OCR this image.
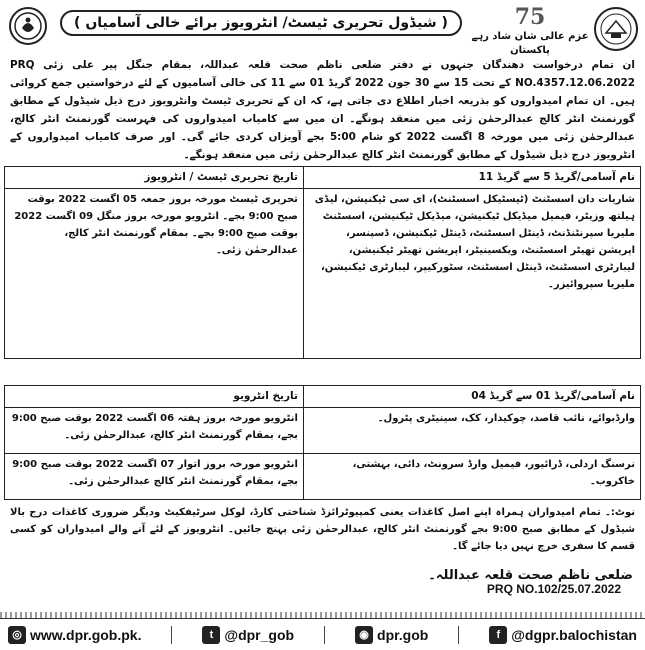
( شیڈول تحریری ٹیسٹ/ انٹرویوز برائے خالی آسامیاں )	75
عزم عالی شان شاد رہے پاکستان
ان تمام درخواست دھندگان جنہوں نے دفتر ضلعی ناظم صحت قلعہ عبداللہ، بمقام جنگل پیر علی زئی PRQ NO.4357.12.06.2022 کے تحت 15 سے 30 جون 2022 گریڈ 01 سے 11 کی خالی آسامیوں کے لئے درخواستیں جمع کروائی ہیں۔ ان تمام امیدواروں کو بذریعہ اخبار اطلاع دی جاتی ہے، کہ ان کے تحریری ٹیسٹ وانٹرویوز درج ذیل شیڈول کے مطابق گورنمنٹ انٹر کالج عبدالرحمٰن زئی میں منعقد ہونگے۔ ان میں سے کامیاب امیدواروں کی فہرست گورنمنٹ انٹر کالج، عبدالرحمٰن زئی میں مورخہ 8 اگست 2022 کو شام 5:00 بجے آویزاں کردی جائے گی۔ اور صرف کامیاب امیدواروں کے انٹرویوز درج ذیل شیڈول کے مطابق گورنمنٹ انٹر کالج عبدالرحمٰن زئی میں منعقد ہونگے۔
نام آسامی/گریڈ 5 سے گریڈ 11	تاریخ تحریری ٹیسٹ / انٹرویوز
شاریات دان اسسٹنٹ (ٹیسٹیکل اسسٹنٹ)، ای سی ٹیکنیشن، لیڈی ہیلتھ وزیٹر، فیمیل میڈیکل ٹیکنیشن، میڈیکل ٹیکنیشن، اسسٹنٹ ملیریا سپرنٹنڈنٹ، ڈینٹل اسسٹنٹ، ڈینٹل ٹیکنیشن، ڈسپنسر، اپریشن تھیٹر اسسٹنٹ، ویکسینیٹر، اپریشن تھیٹر ٹیکنیشن، لیبارٹری اسسٹنٹ، ڈینٹل اسسٹنٹ، سٹورکیپر، لیبارٹری ٹیکنیشن، ملیریا سپروائیزر۔	تحریری ٹیسٹ مورخہ بروز جمعہ 05 اگست 2022 بوقت صبح 9:00 بجے۔ انٹرویو مورخہ بروز منگل 09 اگست 2022 بوقت صبح 9:00 بجے۔ بمقام گورنمنٹ انٹر کالج، عبدالرحمٰن زئی۔
نام آسامی/گریڈ 01 سے گریڈ 04	تاریخ انٹرویو
وارڈبوائے، نائب قاصد، چوکیدار، کک، سینیٹری پٹرول۔	انٹرویو مورخہ بروز ہفتہ 06 اگست 2022 بوقت صبح 9:00 بجے، بمقام گورنمنٹ انٹر کالج، عبدالرحمٰن زئی۔
نرسنگ اردلی، ڈرائیور، فیمیل وارڈ سرونٹ، دائی، بہشتی، خاکروب۔	انٹرویو مورخہ بروز اتوار 07 اگست 2022 بوقت صبح 9:00 بجے، بمقام گورنمنٹ انٹر کالج عبدالرحمٰن زئی۔
نوٹ:۔ تمام امیدواران ہمراہ اپنے اصل کاغذات یعنی کمپیوٹرائزڈ شناختی کارڈ، لوکل سرٹیفکیٹ ودیگر ضروری کاغذات درج بالا شیڈول کے مطابق صبح 9:00 بجے گورنمنٹ انٹر کالج، عبدالرحمٰن زئی پہنچ جائیں۔ انٹرویوز کے لئے آنے والے امیدواران کو کسی قسم کا سفری خرچ نہیں دیا جائے گا۔
ضلعی ناظم صحت قلعہ عبداللہ۔
PRQ NO.102/25.07.2022
◎ www.dpr.gob.pk.	t @dpr_gob	◉ dpr.gob	f @dgpr.balochistan
